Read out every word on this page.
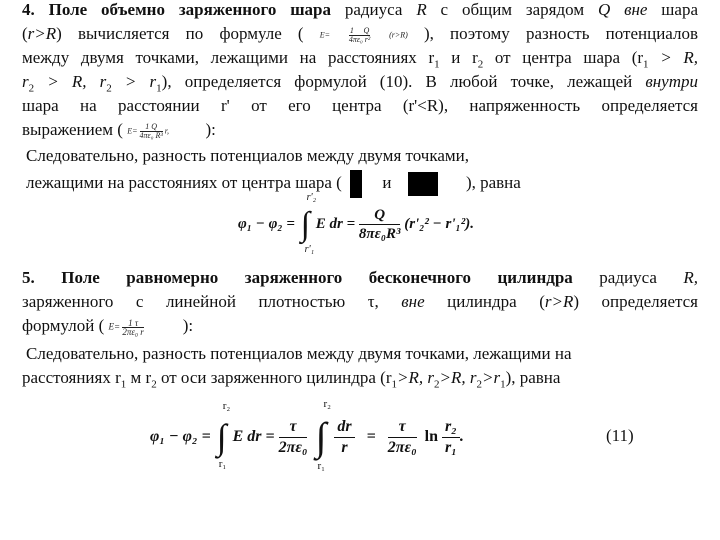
4. Поле объемно заряженного шара радиуса R с общим зарядом Q вне шара
(r>R) вычисляется по формуле ( $E= \frac{1 Q}{\text{4πε₀ r²}} (r>R)$ ), поэтому разность потенциалов
между двумя точками, лежащими на расстояниях $r_1$ и $r_2$ от центра шара ($r_1 > R$,
$r_2 > R$, $r_2 > r_1$), определяется формулой (10). В любой точке, лежащей внутри
шара на расстоянии r' от его центра (r'<R), напряженность определяется
выражением ( $E= \frac{1 Q}{\text{4πε₀ R³}} r$, ):
Следовательно, разность потенциалов между двумя точками,
лежащими на расстояниях от центра шара ( и	), равна
φ₁ − φ₂ = ∫
r'₂
r'₁
E dr = $\frac{Q}{\text{8πε₀R³}} (r'_2^2 - r'_1^2)$.
5. Поле равномерно заряженного бесконечного цилиндра радиуса R,
заряженного с линейной плотностью τ, вне цилиндра (r>R) определяется
формулой ( $E= \frac{1 \tau}{\text{2πε₀ r}}$ ):
Следовательно, разность потенциалов между двумя точками, лежащими на
расстояниях $r_1$ м $r_2$ от оси заряженного цилиндра ($r_1>R$, $r_2>R$, $r_2>r_1$), равна
φ₁ − φ₂ = ∫
r₂
r₁
E dr = $\frac{\tau}{\text{2πε₀}}$ ∫
r₂
r₁

$\frac{dr}{r} = \frac{\tau}{\text{2πε₀}}$ $\ln \frac{\text{r₂}}{\text{r₁}}$ .	(11)
